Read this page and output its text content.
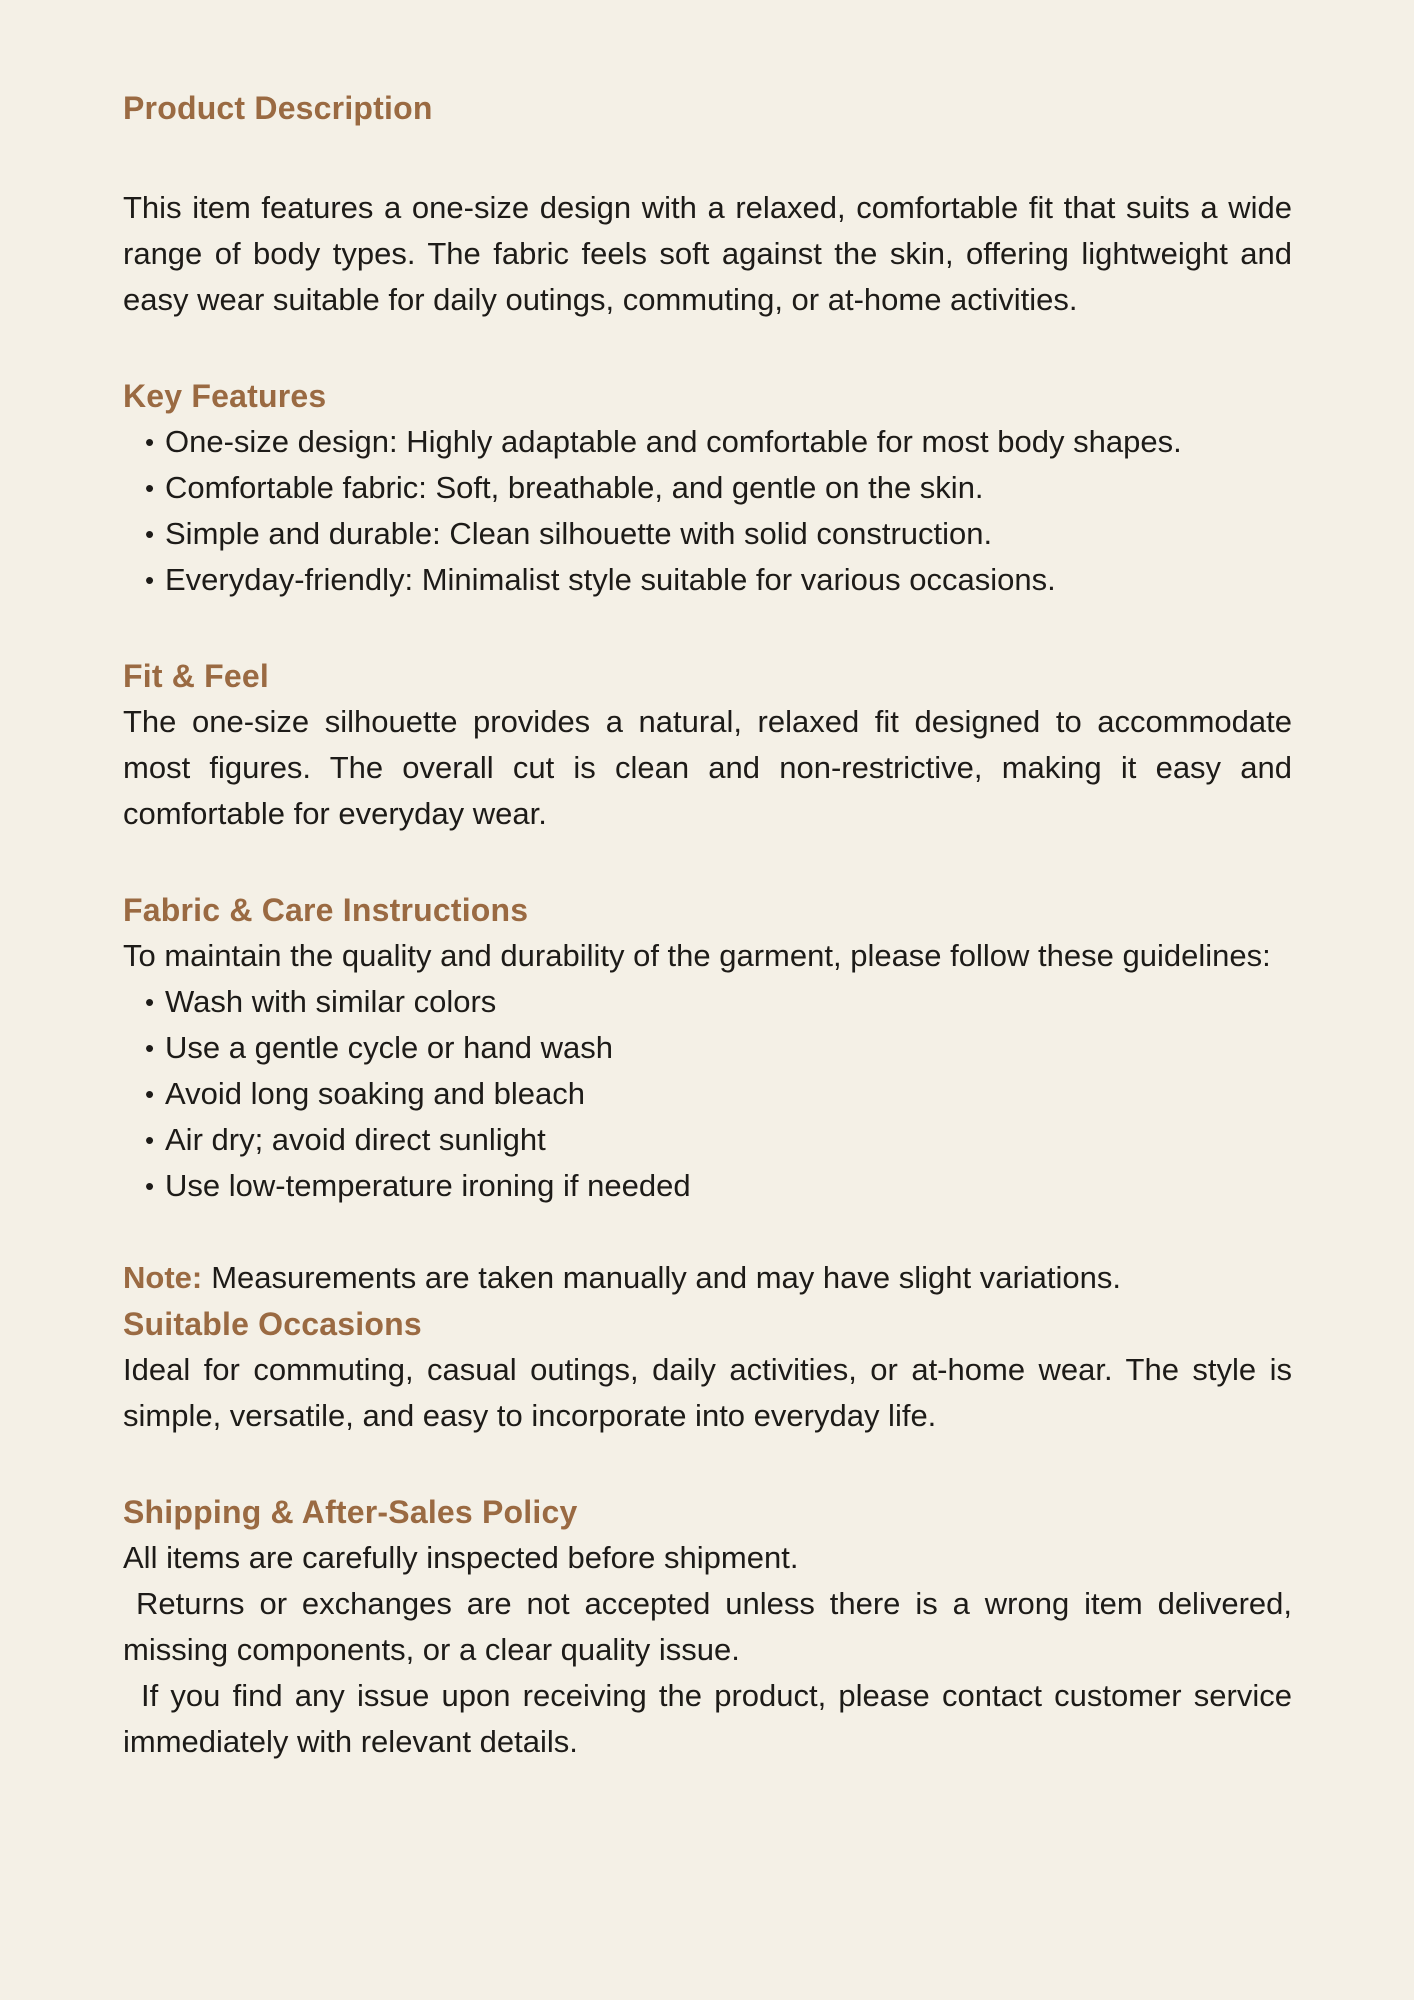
Product Description

This item features a one-size design with a relaxed, comfortable fit that suits a wide range of body types. The fabric feels soft against the skin, offering lightweight and easy wear suitable for daily outings, commuting, or at-home activities.

Key Features
• One-size design: Highly adaptable and comfortable for most body shapes.
• Comfortable fabric: Soft, breathable, and gentle on the skin.
• Simple and durable: Clean silhouette with solid construction.
• Everyday-friendly: Minimalist style suitable for various occasions.
Fit & Feel

The one-size silhouette provides a natural, relaxed fit designed to accommodate most figures. The overall cut is clean and non-restrictive, making it easy and comfortable for everyday wear.

Fabric & Care Instructions

To maintain the quality and durability of the garment, please follow these guidelines:

• Wash with similar colors
• Use a gentle cycle or hand wash
• Avoid long soaking and bleach
• Air dry; avoid direct sunlight
• Use low-temperature ironing if needed

Note: Measurements are taken manually and may have slight variations.

Suitable Occasions

Ideal for commuting, casual outings, daily activities, or at-home wear. The style is simple, versatile, and easy to incorporate into everyday life.

Shipping & After-Sales Policy

All items are carefully inspected before shipment.

Returns or exchanges are not accepted unless there is a wrong item delivered, missing components, or a clear quality issue.

If you find any issue upon receiving the product, please contact customer service immediately with relevant details.
